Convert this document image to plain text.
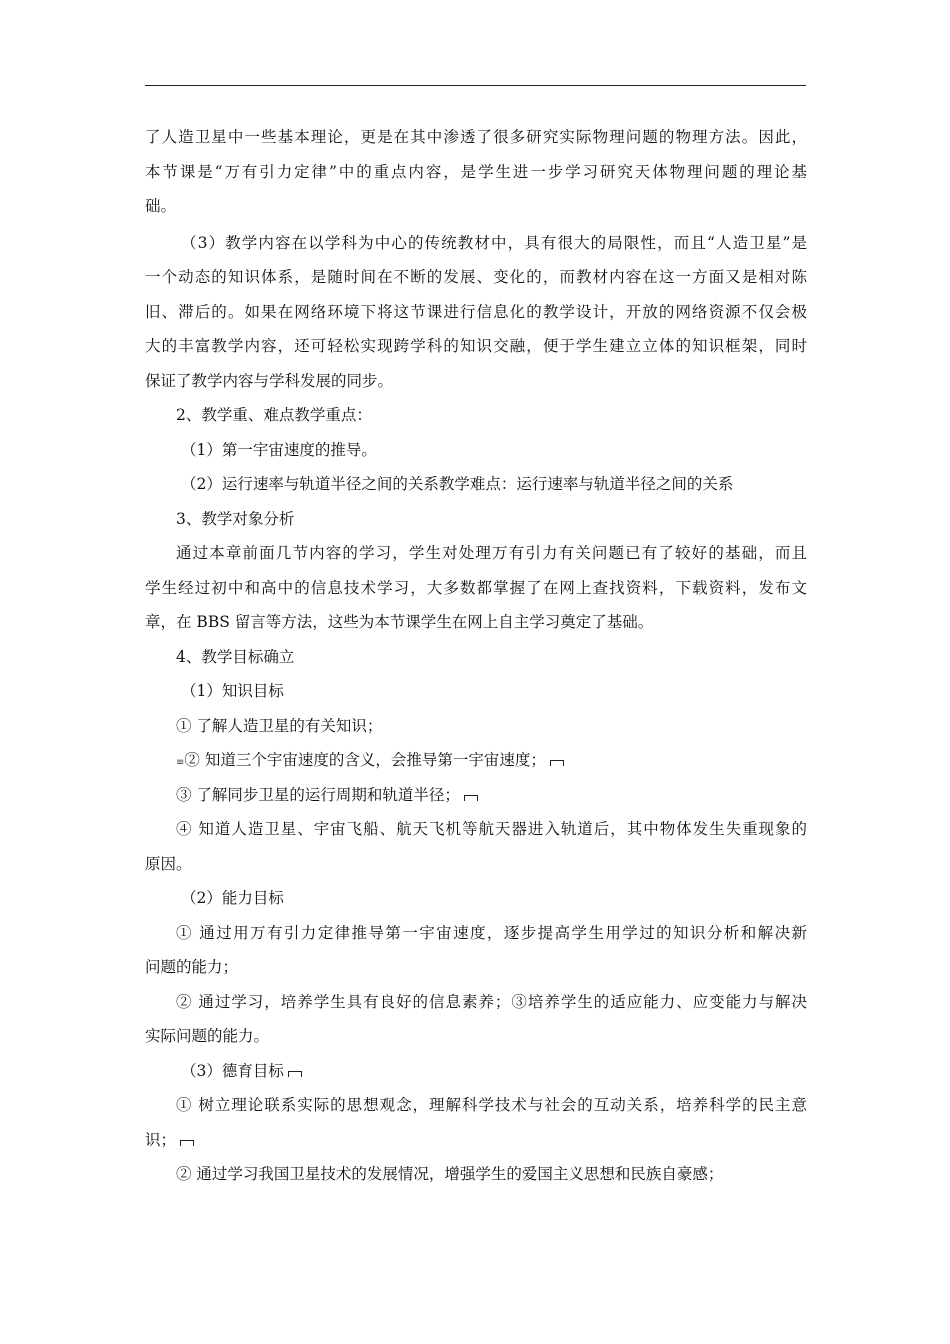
了人造卫星中一些基本理论，更是在其中渗透了很多研究实际物理问题的物理方法。因此，
本节课是“万有引力定律”中的重点内容，是学生进一步学习研究天体物理问题的理论基
础。
（3）教学内容在以学科为中心的传统教材中，具有很大的局限性，而且“人造卫星”是
一个动态的知识体系，是随时间在不断的发展、变化的，而教材内容在这一方面又是相对陈
旧、滞后的。如果在网络环境下将这节课进行信息化的教学设计，开放的网络资源不仅会极
大的丰富教学内容，还可轻松实现跨学科的知识交融，便于学生建立立体的知识框架，同时
保证了教学内容与学科发展的同步。
2、教学重、难点教学重点：
（1）第一宇宙速度的推导。
（2）运行速率与轨道半径之间的关系教学难点：运行速率与轨道半径之间的关系
3、教学对象分析
通过本章前面几节内容的学习，学生对处理万有引力有关问题已有了较好的基础，而且
学生经过初中和高中的信息技术学习，大多数都掌握了在网上查找资料，下载资料，发布文
章，在 BBS 留言等方法，这些为本节课学生在网上自主学习奠定了基础。
4、教学目标确立
（1）知识目标
① 了解人造卫星的有关知识；
≡② 知道三个宇宙速度的含义，会推导第一宇宙速度；
③ 了解同步卫星的运行周期和轨道半径；
④ 知道人造卫星、宇宙飞船、航天飞机等航天器进入轨道后，其中物体发生失重现象的
原因。
（2）能力目标
① 通过用万有引力定律推导第一宇宙速度，逐步提高学生用学过的知识分析和解决新
问题的能力；
② 通过学习，培养学生具有良好的信息素养；③培养学生的适应能力、应变能力与解决
实际问题的能力。
（3）德育目标
① 树立理论联系实际的思想观念，理解科学技术与社会的互动关系，培养科学的民主意
识；
② 通过学习我国卫星技术的发展情况，增强学生的爱国主义思想和民族自豪感；
